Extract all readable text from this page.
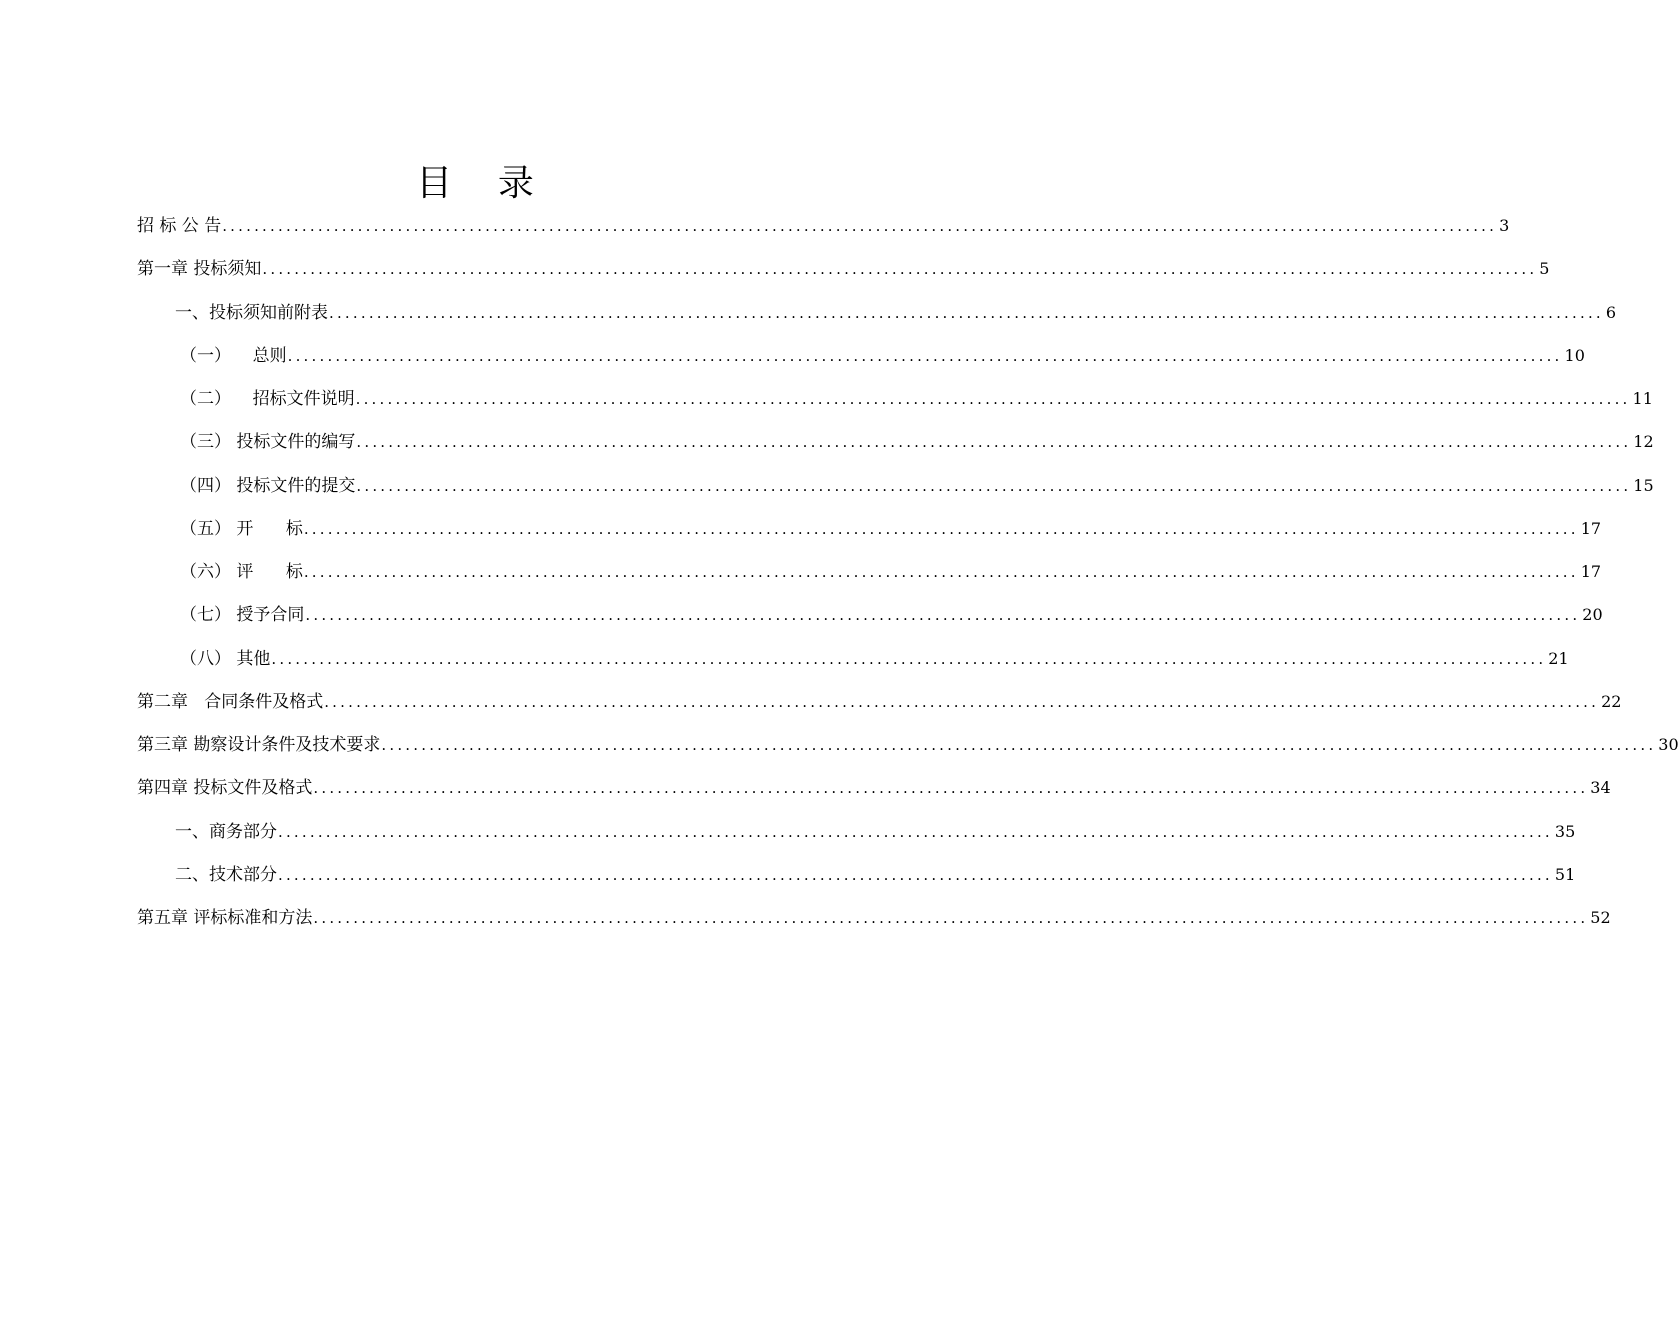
目    录
招 标 公 告 ................................................................................................................................................................ 3
第一章 投标须知 ................................................................................................................................................................ 5
一、投标须知前附表 ................................................................................................................................................................ 6
（一）    总则 ................................................................................................................................................................ 10
（二）    招标文件说明 ................................................................................................................................................................ 11
（三） 投标文件的编写 ................................................................................................................................................................ 12
（四） 投标文件的提交 ................................................................................................................................................................ 15
（五） 开      标 ................................................................................................................................................................ 17
（六） 评      标 ................................................................................................................................................................ 17
（七） 授予合同 ................................................................................................................................................................ 20
（八） 其他 ................................................................................................................................................................ 21
第二章   合同条件及格式 ................................................................................................................................................................ 22
第三章 勘察设计条件及技术要求 ................................................................................................................................................................ 30
第四章 投标文件及格式 ................................................................................................................................................................ 34
一、商务部分 ................................................................................................................................................................ 35
二、技术部分 ................................................................................................................................................................ 51
第五章 评标标准和方法 ................................................................................................................................................................ 52
